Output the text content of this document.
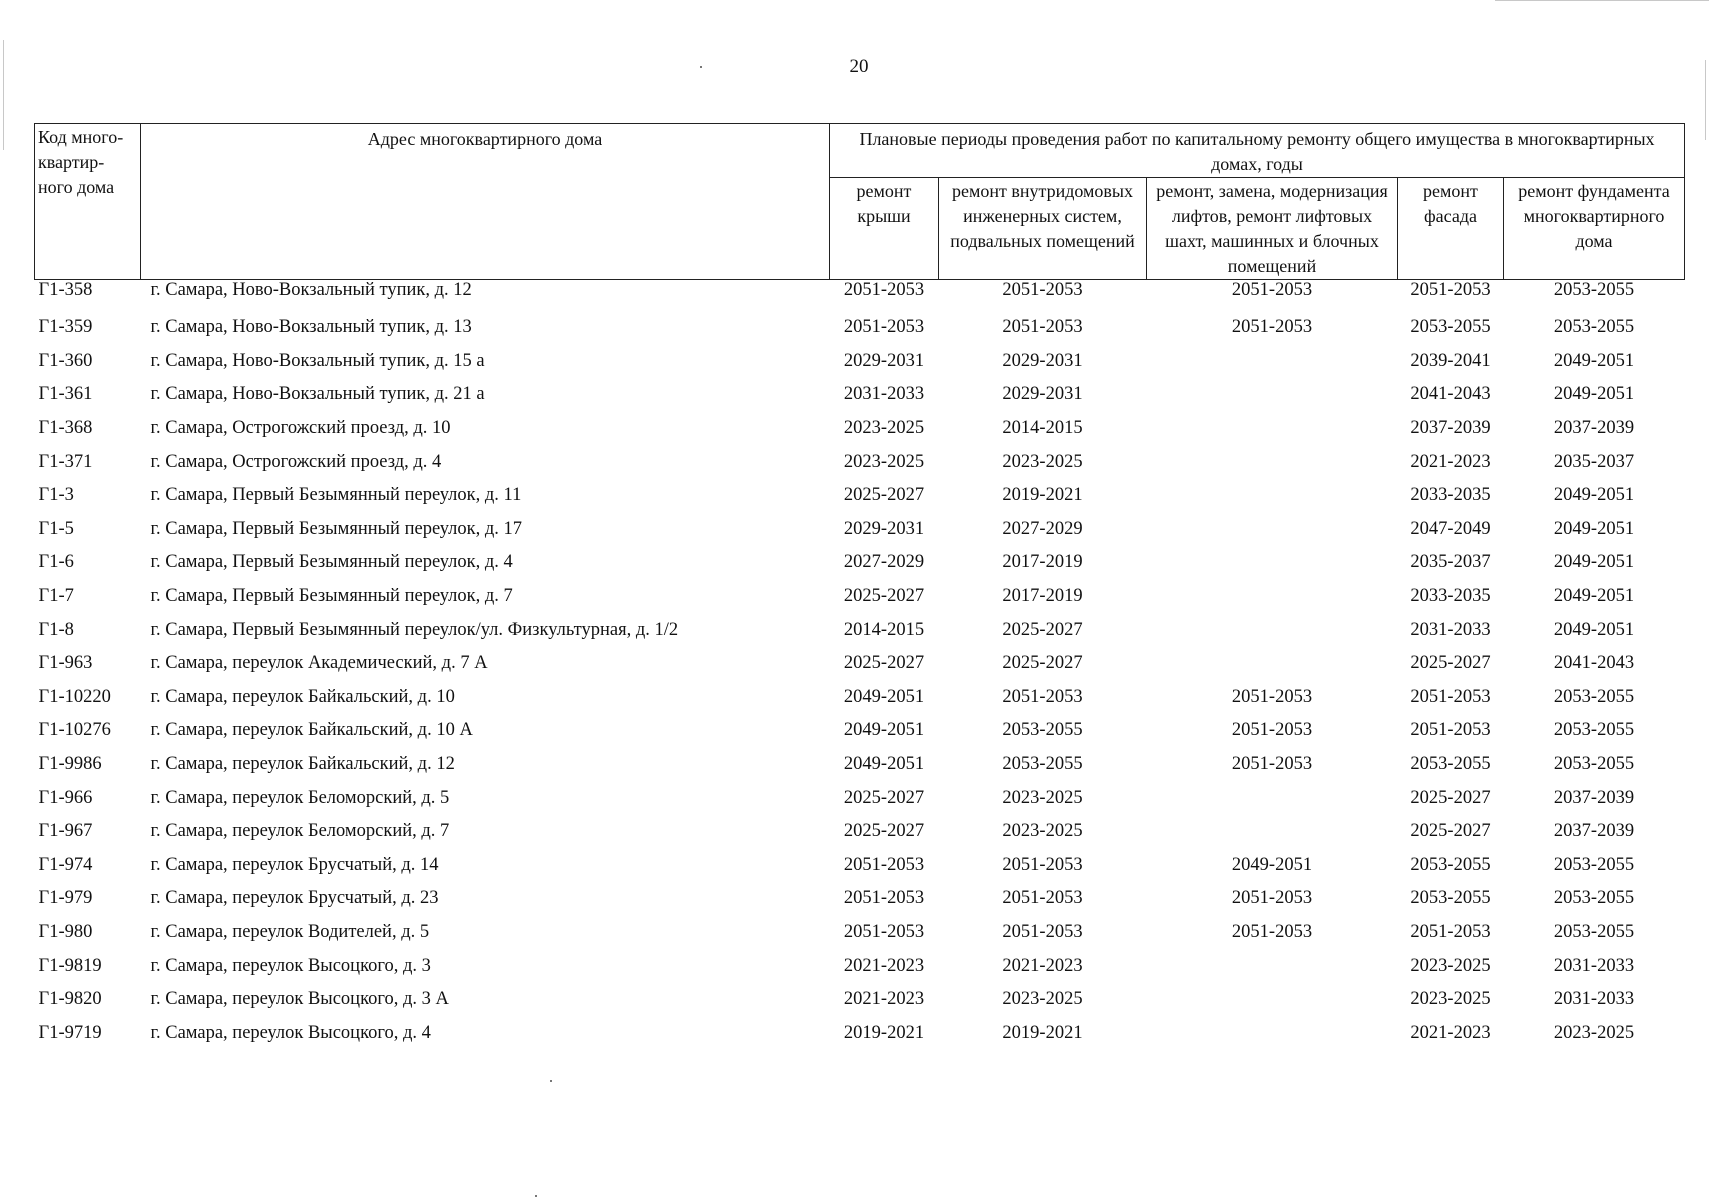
20
Код много-квартир-ного дома	Адрес многоквартирного дома	Плановые периоды проведения работ по капитальному ремонту общего имущества в многоквартирных домах, годы				
		ремонт крыши	ремонт внутридомовых инженерных систем, подвальных помещений	ремонт, замена, модернизация лифтов, ремонт лифтовых шахт, машинных и блочных помещений	ремонт фасада	ремонт фундамента многоквартирного дома
Г1-358	г. Самара, Ново-Вокзальный тупик, д. 12	2051-2053	2051-2053	2051-2053	2051-2053	2053-2055
Г1-359	г. Самара, Ново-Вокзальный тупик, д. 13	2051-2053	2051-2053	2051-2053	2053-2055	2053-2055
Г1-360	г. Самара, Ново-Вокзальный тупик, д. 15 а	2029-2031	2029-2031		2039-2041	2049-2051
Г1-361	г. Самара, Ново-Вокзальный тупик, д. 21 а	2031-2033	2029-2031		2041-2043	2049-2051
Г1-368	г. Самара, Острогожский проезд, д. 10	2023-2025	2014-2015		2037-2039	2037-2039
Г1-371	г. Самара, Острогожский проезд, д. 4	2023-2025	2023-2025		2021-2023	2035-2037
Г1-3	г. Самара, Первый Безымянный переулок, д. 11	2025-2027	2019-2021		2033-2035	2049-2051
Г1-5	г. Самара, Первый Безымянный переулок, д. 17	2029-2031	2027-2029		2047-2049	2049-2051
Г1-6	г. Самара, Первый Безымянный переулок, д. 4	2027-2029	2017-2019		2035-2037	2049-2051
Г1-7	г. Самара, Первый Безымянный переулок, д. 7	2025-2027	2017-2019		2033-2035	2049-2051
Г1-8	г. Самара, Первый Безымянный переулок/ул. Физкультурная, д. 1/2	2014-2015	2025-2027		2031-2033	2049-2051
Г1-963	г. Самара, переулок Академический, д. 7 А	2025-2027	2025-2027		2025-2027	2041-2043
Г1-10220	г. Самара, переулок Байкальский, д. 10	2049-2051	2051-2053	2051-2053	2051-2053	2053-2055
Г1-10276	г. Самара, переулок Байкальский, д. 10 А	2049-2051	2053-2055	2051-2053	2051-2053	2053-2055
Г1-9986	г. Самара, переулок Байкальский, д. 12	2049-2051	2053-2055	2051-2053	2053-2055	2053-2055
Г1-966	г. Самара, переулок Беломорский, д. 5	2025-2027	2023-2025		2025-2027	2037-2039
Г1-967	г. Самара, переулок Беломорский, д. 7	2025-2027	2023-2025		2025-2027	2037-2039
Г1-974	г. Самара, переулок Брусчатый, д. 14	2051-2053	2051-2053	2049-2051	2053-2055	2053-2055
Г1-979	г. Самара, переулок Брусчатый, д. 23	2051-2053	2051-2053	2051-2053	2053-2055	2053-2055
Г1-980	г. Самара, переулок Водителей, д. 5	2051-2053	2051-2053	2051-2053	2051-2053	2053-2055
Г1-9819	г. Самара, переулок Высоцкого, д. 3	2021-2023	2021-2023		2023-2025	2031-2033
Г1-9820	г. Самара, переулок Высоцкого, д. 3 А	2021-2023	2023-2025		2023-2025	2031-2033
Г1-9719	г. Самара, переулок Высоцкого, д. 4	2019-2021	2019-2021		2021-2023	2023-2025
